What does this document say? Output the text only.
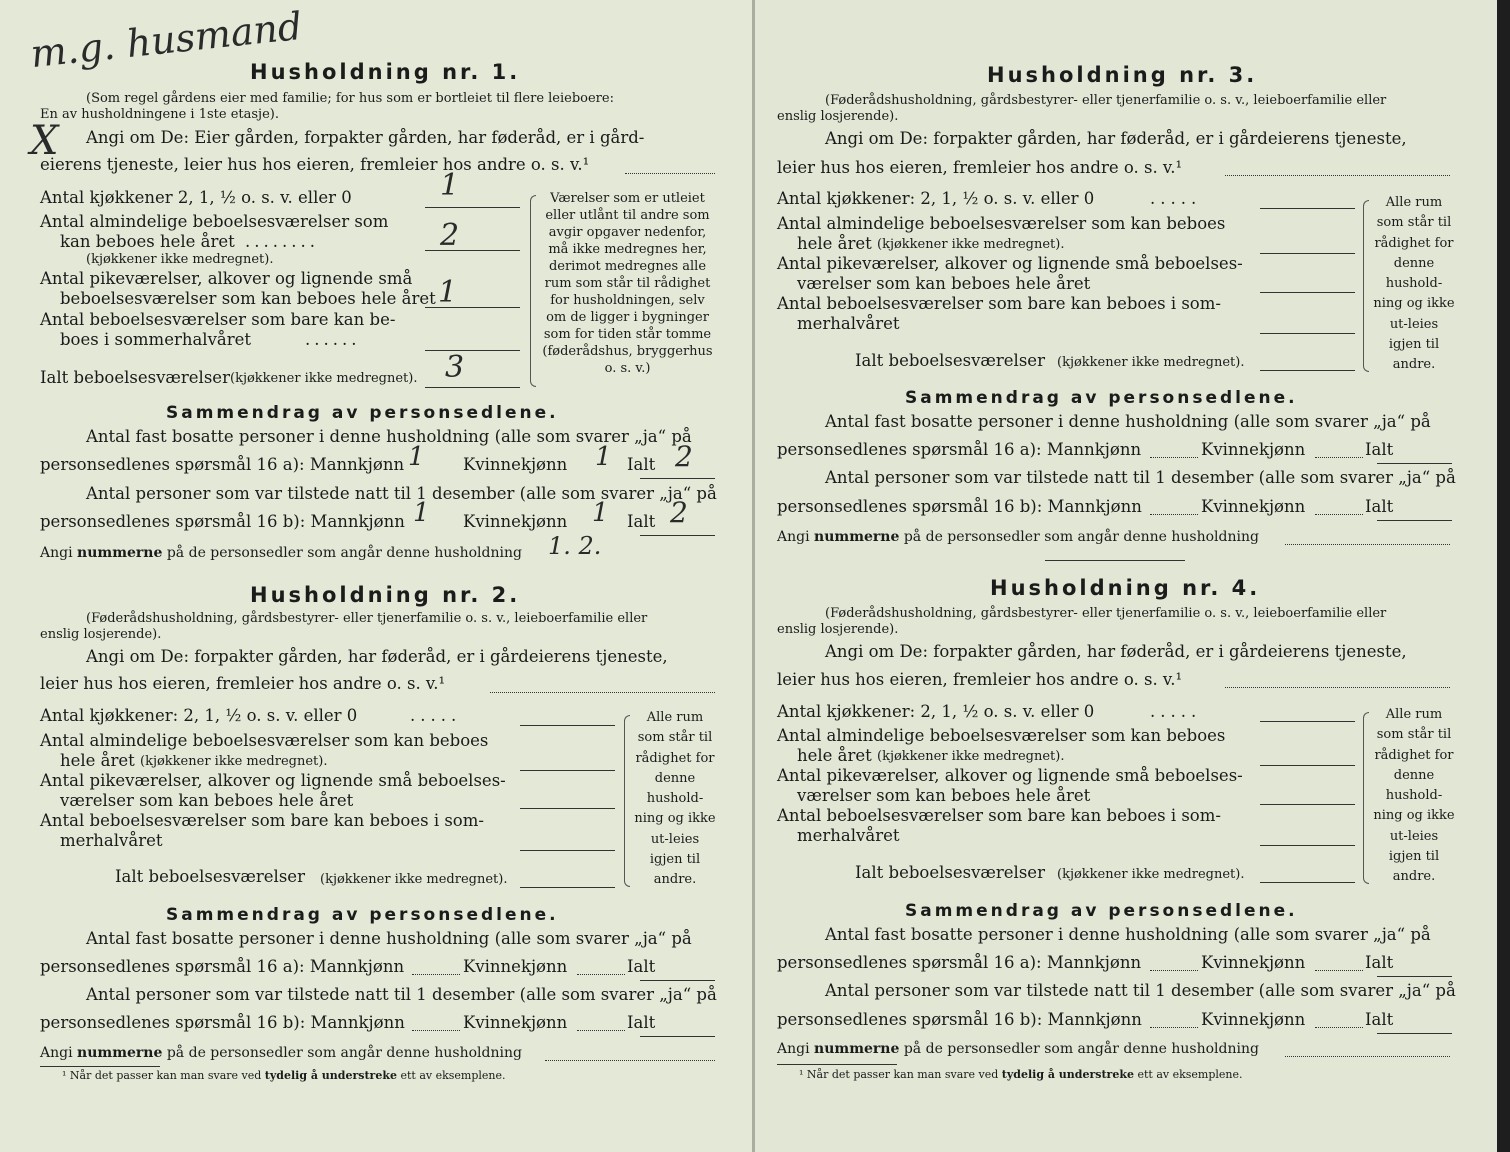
m.g. husmand
Husholdning nr. 1.
(Som regel gårdens eier med familie; for hus som er bortleiet til flere leieboere:
En av husholdningene i 1ste etasje).
X Angi om De: Eier gården, forpakter gården, har føderåd, er i gård-
eierens tjeneste, leier hus hos eieren, fremleier hos andre o. s. v.¹
Antal kjøkkener 2, 1, ½ o. s. v. eller 0	1
Antal almindelige beboelsesværelser som
kan beboes hele året ........
(kjøkkener ikke medregnet).
2
Antal pikeværelser, alkover og lignende små
beboelsesværelser som kan beboes hele året 1
Antal beboelsesværelser som bare kan be-
boes i sommerhalvåret	......
Ialt beboelsesværelser (kjøkkener ikke medregnet). 3
Værelser som er utleiet eller utlånt til andre som avgir opgaver nedenfor, må ikke medregnes her, derimot medregnes alle rum som står til rådighet for husholdningen, selv om de ligger i bygninger som for tiden står tomme (føderådshus, bryggerhus o. s. v.)
Sammendrag av personsedlene.
Antal fast bosatte personer i denne husholdning (alle som svarer „ja“ på
personsedlenes spørsmål 16 a): Mannkjønn 1 Kvinnekjønn 1 Ialt 2
Antal personer som var tilstede natt til 1 desember (alle som svarer „ja“ på
personsedlenes spørsmål 16 b): Mannkjønn 1 Kvinnekjønn 1 Ialt 2
Angi nummerne på de personsedler som angår denne husholdning 1. 2.
Husholdning nr. 2.
(Føderådshusholdning, gårdsbestyrer- eller tjenerfamilie o. s. v., leieboerfamilie eller
enslig losjerende).
Angi om De: forpakter gården, har føderåd, er i gårdeierens tjeneste,
leier hus hos eieren, fremleier hos andre o. s. v.¹
Antal kjøkkener: 2, 1, ½ o. s. v. eller 0	.....
Antal almindelige beboelsesværelser som kan beboes
hele året (kjøkkener ikke medregnet).
Antal pikeværelser, alkover og lignende små beboelses-
værelser som kan beboes hele året
Antal beboelsesværelser som bare kan beboes i som-
merhalvåret
Ialt beboelsesværelser (kjøkkener ikke medregnet).
Alle rum som står til rådighet for denne hushold-ning og ikke ut-leies igjen til andre.
Sammendrag av personsedlene.
Antal fast bosatte personer i denne husholdning (alle som svarer „ja“ på
personsedlenes spørsmål 16 a): Mannkjønn	Kvinnekjønn	Ialt
Antal personer som var tilstede natt til 1 desember (alle som svarer „ja“ på
personsedlenes spørsmål 16 b): Mannkjønn	Kvinnekjønn	Ialt
Angi nummerne på de personsedler som angår denne husholdning
¹ Når det passer kan man svare ved tydelig å understreke ett av eksemplene.
Husholdning nr. 3.
(Føderådshusholdning, gårdsbestyrer- eller tjenerfamilie o. s. v., leieboerfamilie eller
enslig losjerende).
Angi om De: forpakter gården, har føderåd, er i gårdeierens tjeneste,
leier hus hos eieren, fremleier hos andre o. s. v.¹
Antal kjøkkener: 2, 1, ½ o. s. v. eller 0	.....
Antal almindelige beboelsesværelser som kan beboes
hele året (kjøkkener ikke medregnet).
Antal pikeværelser, alkover og lignende små beboelses-
værelser som kan beboes hele året
Antal beboelsesværelser som bare kan beboes i som-
merhalvåret
Ialt beboelsesværelser (kjøkkener ikke medregnet).
Alle rum som står til rådighet for denne hushold-ning og ikke ut-leies igjen til andre.
Sammendrag av personsedlene.
Antal fast bosatte personer i denne husholdning (alle som svarer „ja“ på
personsedlenes spørsmål 16 a): Mannkjønn	Kvinnekjønn	Ialt
Antal personer som var tilstede natt til 1 desember (alle som svarer „ja“ på
personsedlenes spørsmål 16 b): Mannkjønn	Kvinnekjønn	Ialt
Angi nummerne på de personsedler som angår denne husholdning
Husholdning nr. 4.
(Føderådshusholdning, gårdsbestyrer- eller tjenerfamilie o. s. v., leieboerfamilie eller
enslig losjerende).
Angi om De: forpakter gården, har føderåd, er i gårdeierens tjeneste,
leier hus hos eieren, fremleier hos andre o. s. v.¹
Antal kjøkkener: 2, 1, ½ o. s. v. eller 0	.....
Antal almindelige beboelsesværelser som kan beboes
hele året (kjøkkener ikke medregnet).
Antal pikeværelser, alkover og lignende små beboelses-
værelser som kan beboes hele året
Antal beboelsesværelser som bare kan beboes i som-
merhalvåret
Ialt beboelsesværelser (kjøkkener ikke medregnet).
Alle rum som står til rådighet for denne hushold-ning og ikke ut-leies igjen til andre.
Sammendrag av personsedlene.
Antal fast bosatte personer i denne husholdning (alle som svarer „ja“ på
personsedlenes spørsmål 16 a): Mannkjønn	Kvinnekjønn	Ialt
Antal personer som var tilstede natt til 1 desember (alle som svarer „ja“ på
personsedlenes spørsmål 16 b): Mannkjønn	Kvinnekjønn	Ialt
Angi nummerne på de personsedler som angår denne husholdning
¹ Når det passer kan man svare ved tydelig å understreke ett av eksemplene.
